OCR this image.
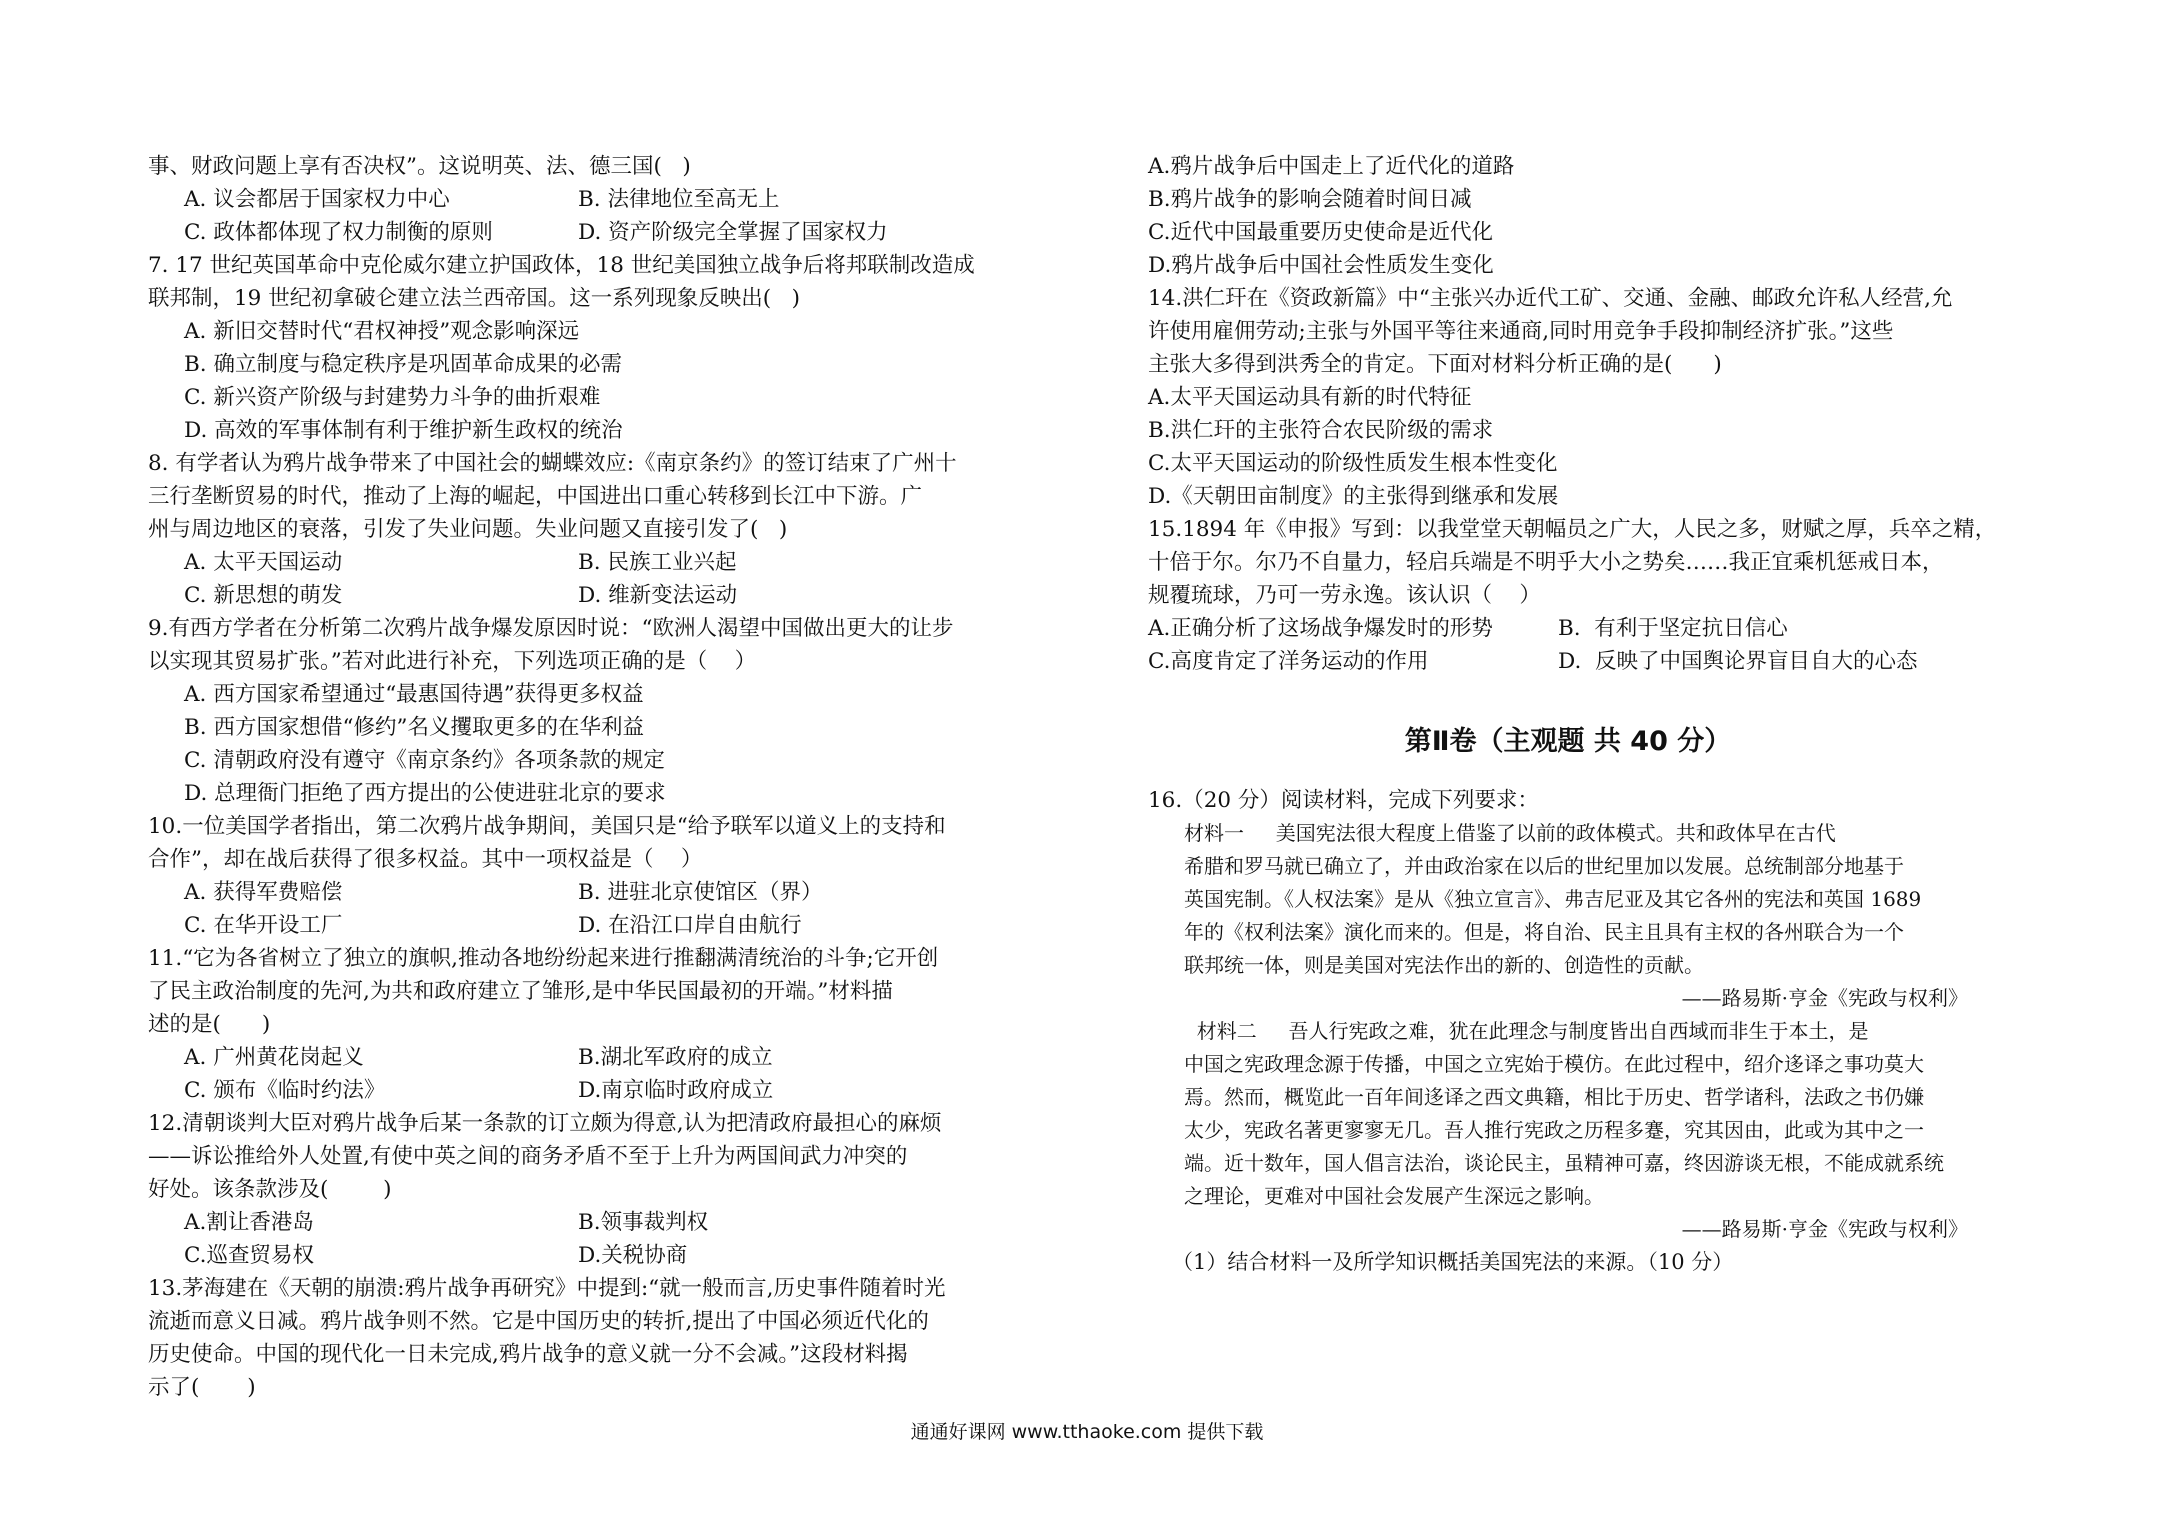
事、财政问题上享有否决权”。这说明英、法、德三国(   )
A. 议会都居于国家权力中心	B. 法律地位至高无上
C. 政体都体现了权力制衡的原则	D. 资产阶级完全掌握了国家权力
7. 17 世纪英国革命中克伦威尔建立护国政体，18 世纪美国独立战争后将邦联制改造成
联邦制，19 世纪初拿破仑建立法兰西帝国。这一系列现象反映出(   )
A. 新旧交替时代“君权神授”观念影响深远
B. 确立制度与稳定秩序是巩固革命成果的必需
C. 新兴资产阶级与封建势力斗争的曲折艰难
D. 高效的军事体制有利于维护新生政权的统治
8. 有学者认为鸦片战争带来了中国社会的蝴蝶效应:《南京条约》的签订结束了广州十
三行垄断贸易的时代，推动了上海的崛起，中国进出口重心转移到长江中下游。广
州与周边地区的衰落，引发了失业问题。失业问题又直接引发了(   )
A. 太平天国运动	B. 民族工业兴起
C. 新思想的萌发	D. 维新变法运动
9.有西方学者在分析第二次鸦片战争爆发原因时说：“欧洲人渴望中国做出更大的让步
以实现其贸易扩张。”若对此进行补充，下列选项正确的是（    ）
A. 西方国家希望通过“最惠国待遇”获得更多权益
B. 西方国家想借“修约”名义攫取更多的在华利益
C. 清朝政府没有遵守《南京条约》各项条款的规定
D. 总理衙门拒绝了西方提出的公使进驻北京的要求
10.一位美国学者指出，第二次鸦片战争期间，美国只是“给予联军以道义上的支持和
合作”，却在战后获得了很多权益。其中一项权益是（    ）
A. 获得军费赔偿	B. 进驻北京使馆区（界）
C. 在华开设工厂	D. 在沿江口岸自由航行
11.“它为各省树立了独立的旗帜,推动各地纷纷起来进行推翻满清统治的斗争;它开创
了民主政治制度的先河,为共和政府建立了雏形,是中华民国最初的开端。”材料描
述的是(      )
A. 广州黄花岗起义	B.湖北军政府的成立
C. 颁布《临时约法》	D.南京临时政府成立
12.清朝谈判大臣对鸦片战争后某一条款的订立颇为得意,认为把清政府最担心的麻烦
——诉讼推给外人处置,有使中英之间的商务矛盾不至于上升为两国间武力冲突的
好处。该条款涉及(        )
A.割让香港岛	B.领事裁判权
C.巡查贸易权	D.关税协商
13.茅海建在《天朝的崩溃:鸦片战争再研究》中提到:“就一般而言,历史事件随着时光
流逝而意义日减。鸦片战争则不然。它是中国历史的转折,提出了中国必须近代化的
历史使命。中国的现代化一日未完成,鸦片战争的意义就一分不会减。”这段材料揭
示了(       )
A.鸦片战争后中国走上了近代化的道路
B.鸦片战争的影响会随着时间日减
C.近代中国最重要历史使命是近代化
D.鸦片战争后中国社会性质发生变化
14.洪仁玕在《资政新篇》中“主张兴办近代工矿、交通、金融、邮政允许私人经营,允
许使用雇佣劳动;主张与外国平等往来通商,同时用竞争手段抑制经济扩张。”这些
主张大多得到洪秀全的肯定。下面对材料分析正确的是(      )
A.太平天国运动具有新的时代特征
B.洪仁玕的主张符合农民阶级的需求
C.太平天国运动的阶级性质发生根本性变化
D.《天朝田亩制度》的主张得到继承和发展
15.1894 年《申报》写到：以我堂堂天朝幅员之广大，人民之多，财赋之厚，兵卒之精，
十倍于尔。尔乃不自量力，轻启兵端是不明乎大小之势矣……我正宜乘机惩戒日本，
规覆琉球，乃可一劳永逸。该认识（    ）
A.正确分析了这场战争爆发时的形势	B.  有利于坚定抗日信心
C.高度肯定了洋务运动的作用	D.  反映了中国舆论界盲目自大的心态
第Ⅱ卷（主观题 共 40 分）
16.（20 分）阅读材料，完成下列要求：
材料一     美国宪法很大程度上借鉴了以前的政体模式。共和政体早在古代
希腊和罗马就已确立了，并由政治家在以后的世纪里加以发展。总统制部分地基于
英国宪制。《人权法案》是从《独立宣言》、弗吉尼亚及其它各州的宪法和英国 1689
年的《权利法案》演化而来的。但是，将自治、民主且具有主权的各州联合为一个
联邦统一体，则是美国对宪法作出的新的、创造性的贡献。
——路易斯·亨金《宪政与权利》
材料二     吾人行宪政之难，犹在此理念与制度皆出自西域而非生于本土，是
中国之宪政理念源于传播，中国之立宪始于模仿。在此过程中，绍介迻译之事功莫大
焉。然而，概览此一百年间迻译之西文典籍，相比于历史、哲学诸科，法政之书仍嫌
太少，宪政名著更寥寥无几。吾人推行宪政之历程多蹇，究其因由，此或为其中之一
端。近十数年，国人倡言法治，谈论民主，虽精神可嘉，终因游谈无根，不能成就系统
之理论，更难对中国社会发展产生深远之影响。
——路易斯·亨金《宪政与权利》
（1）结合材料一及所学知识概括美国宪法的来源。（10 分）
通通好课网 www.tthaoke.com 提供下载
